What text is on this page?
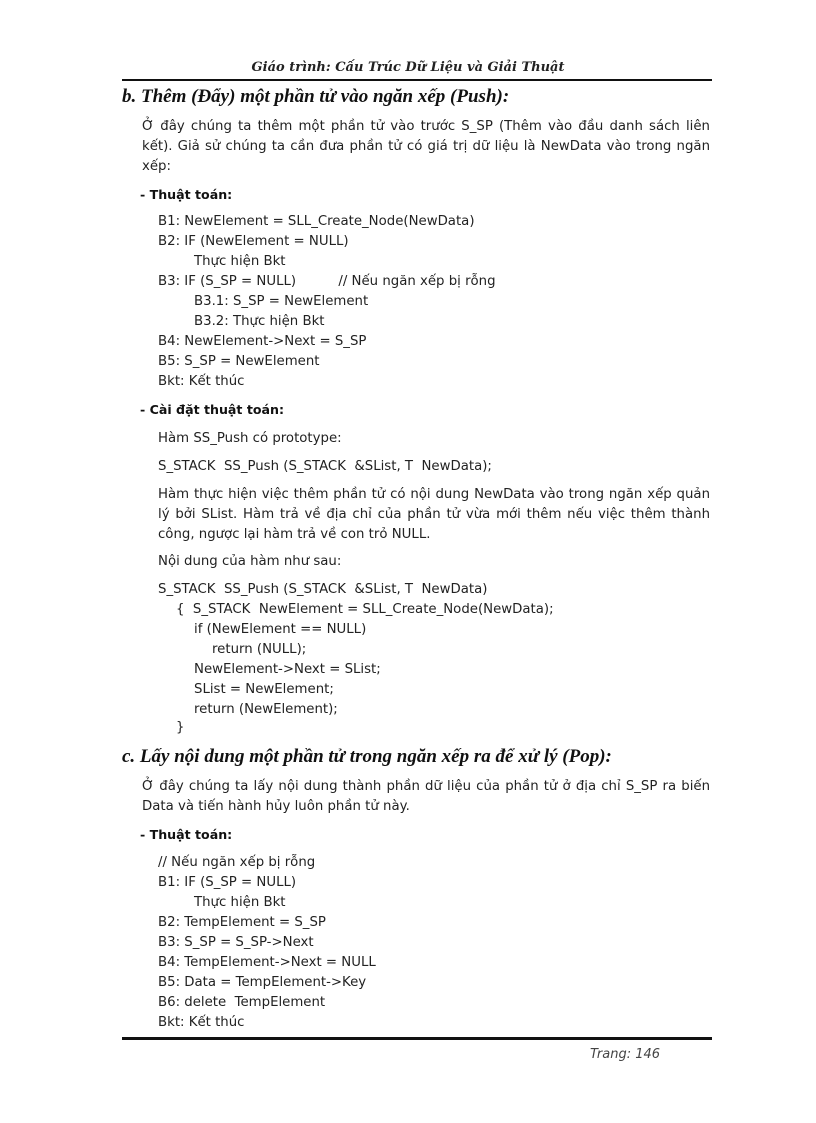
Giáo trình: Cấu Trúc Dữ Liệu và Giải Thuật
b. Thêm (Đẩy) một phần tử vào ngăn xếp (Push):
Ở đây chúng ta thêm một phần tử vào trước S_SP (Thêm vào đầu danh sách liên kết). Giả sử chúng ta cần đưa phần tử có giá trị dữ liệu là NewData vào trong ngăn xếp:
- Thuật toán:
B1: NewElement = SLL_Create_Node(NewData)
B2: IF (NewElement = NULL)
Thực hiện Bkt
B3: IF (S_SP = NULL)          // Nếu ngăn xếp bị rỗng
B3.1: S_SP = NewElement
B3.2: Thực hiện Bkt
B4: NewElement->Next = S_SP
B5: S_SP = NewElement
Bkt: Kết thúc
- Cài đặt thuật toán:
Hàm SS_Push có prototype:
S_STACK  SS_Push (S_STACK  &SList, T  NewData);
Hàm thực hiện việc thêm phần tử có nội dung NewData vào trong ngăn xếp quản lý bởi SList. Hàm trả về địa chỉ của phần tử vừa mới thêm nếu việc thêm thành công, ngược lại hàm trả về con trỏ NULL.
Nội dung của hàm như sau:
S_STACK  SS_Push (S_STACK  &SList, T  NewData)
{  S_STACK  NewElement = SLL_Create_Node(NewData);
if (NewElement == NULL)
return (NULL);
NewElement->Next = SList;
SList = NewElement;
return (NewElement);
}
c. Lấy nội dung một phần tử trong ngăn xếp ra để xử lý (Pop):
Ở đây chúng ta lấy nội dung thành phần dữ liệu của phần tử ở địa chỉ S_SP ra biến Data và tiến hành hủy luôn phần tử này.
- Thuật toán:
// Nếu ngăn xếp bị rỗng
B1: IF (S_SP = NULL)
Thực hiện Bkt
B2: TempElement = S_SP
B3: S_SP = S_SP->Next
B4: TempElement->Next = NULL
B5: Data = TempElement->Key
B6: delete  TempElement
Bkt: Kết thúc
Trang: 146
